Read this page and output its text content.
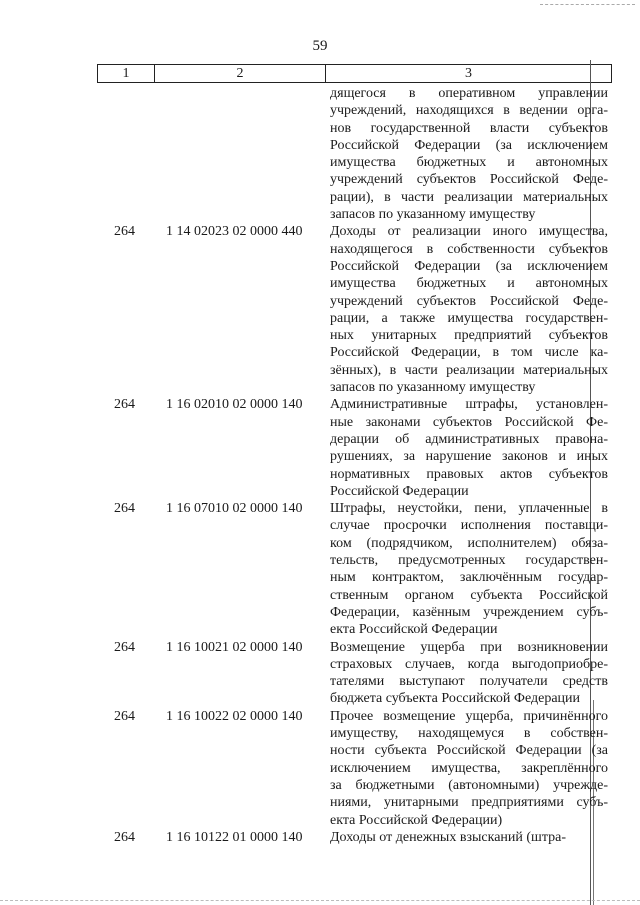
59
1	2	3
дящегося в оперативном управлении
учреждений, находящихся в ведении орга-
нов государственной власти субъектов
Российской Федерации (за исключением
имущества бюджетных и автономных
учреждений субъектов Российской Феде-
рации), в части реализации материальных
запасов по указанному имуществу
264	1 14 02023 02 0000 440 Доходы от реализации иного имущества,
находящегося в собственности субъектов
Российской Федерации (за исключением
имущества бюджетных и автономных
учреждений субъектов Российской Феде-
рации, а также имущества государствен-
ных унитарных предприятий субъектов
Российской Федерации, в том числе ка-
зённых), в части реализации материальных
запасов по указанному имуществу
264	1 16 02010 02 0000 140 Административные штрафы, установлен-
ные законами субъектов Российской Фе-
дерации об административных правона-
рушениях, за нарушение законов и иных
нормативных правовых актов субъектов
Российской Федерации
264	1 16 07010 02 0000 140 Штрафы, неустойки, пени, уплаченные в
случае просрочки исполнения поставщи-
ком (подрядчиком, исполнителем) обяза-
тельств, предусмотренных государствен-
ным контрактом, заключённым государ-
ственным органом субъекта Российской
Федерации, казённым учреждением субъ-
екта Российской Федерации
264	1 16 10021 02 0000 140 Возмещение ущерба при возникновении
страховых случаев, когда выгодоприобре-
тателями выступают получатели средств
бюджета субъекта Российской Федерации
264	1 16 10022 02 0000 140 Прочее возмещение ущерба, причинённого
имуществу, находящемуся в собствен-
ности субъекта Российской Федерации (за
исключением имущества, закреплённого
за бюджетными (автономными) учрежде-
ниями, унитарными предприятиями субъ-
екта Российской Федерации)
264	1 16 10122 01 0000 140 Доходы от денежных взысканий (штра-
